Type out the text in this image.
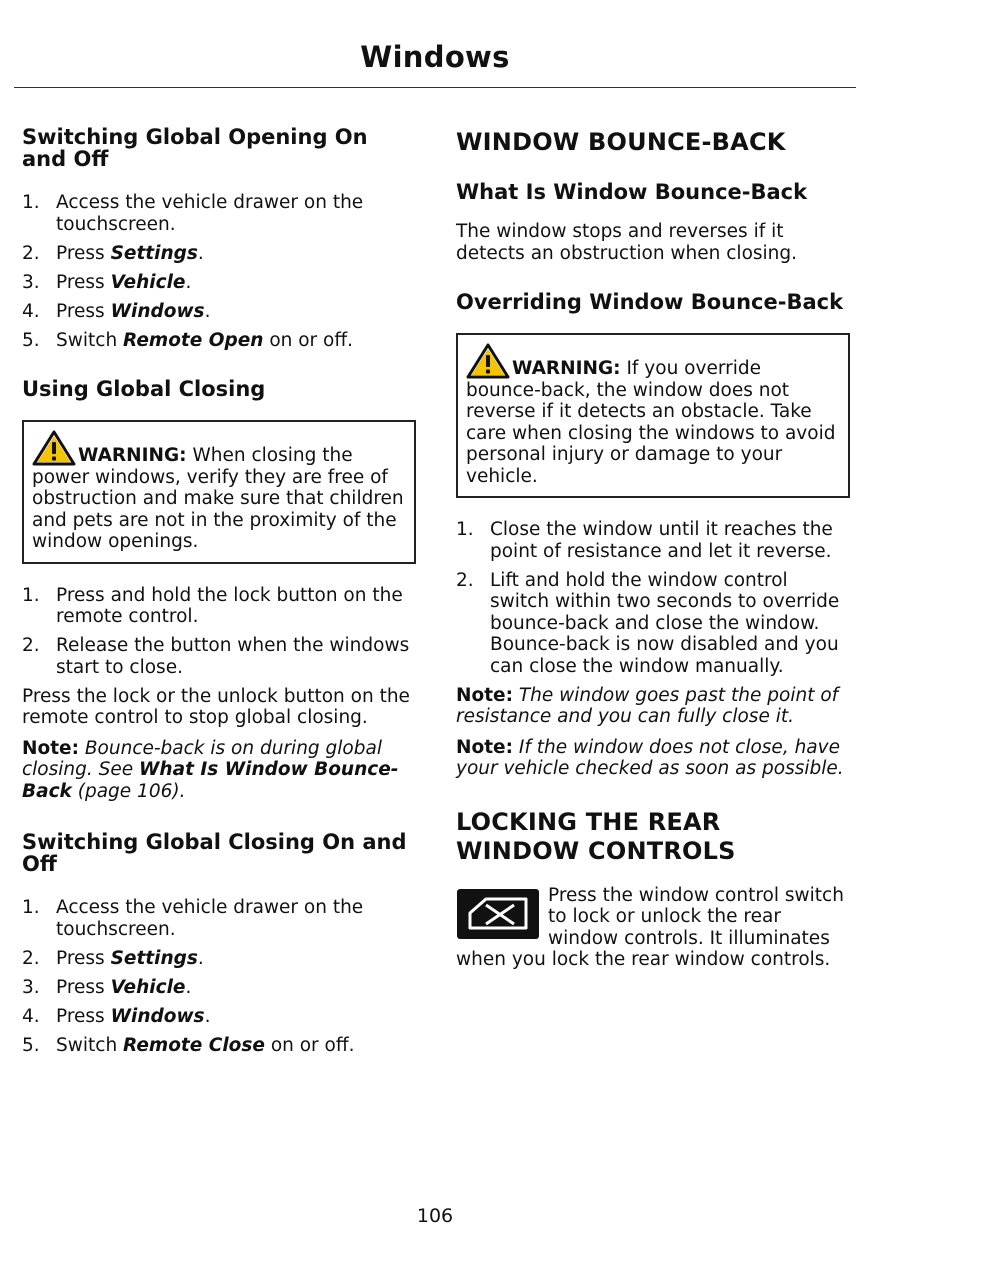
Windows
Switching Global Opening On and Off
1. Access the vehicle drawer on the touchscreen.
2. Press Settings.
3. Press Vehicle.
4. Press Windows.
5. Switch Remote Open on or off.
Using Global Closing
WARNING: When closing the power windows, verify they are free of obstruction and make sure that children and pets are not in the proximity of the window openings.
1. Press and hold the lock button on the remote control.
2. Release the button when the windows start to close.

Press the lock or the unlock button on the remote control to stop global closing.

Note: Bounce-back is on during global closing. See What Is Window Bounce-Back (page 106).

Switching Global Closing On and Off
1. Access the vehicle drawer on the touchscreen.
2. Press Settings.
3. Press Vehicle.
4. Press Windows.
5. Switch Remote Close on or off.
WINDOW BOUNCE-BACK
What Is Window Bounce-Back

The window stops and reverses if it detects an obstruction when closing.

Overriding Window Bounce-Back
WARNING: If you override bounce-back, the window does not reverse if it detects an obstacle. Take care when closing the windows to avoid personal injury or damage to your vehicle.
1. Close the window until it reaches the point of resistance and let it reverse.
2. Lift and hold the window control switch within two seconds to override bounce-back and close the window. Bounce-back is now disabled and you can close the window manually.

Note: The window goes past the point of resistance and you can fully close it.

Note: If the window does not close, have your vehicle checked as soon as possible.

LOCKING THE REAR WINDOW CONTROLS
Press the window control switch to lock or unlock the rear window controls. It illuminates when you lock the rear window controls.
106
